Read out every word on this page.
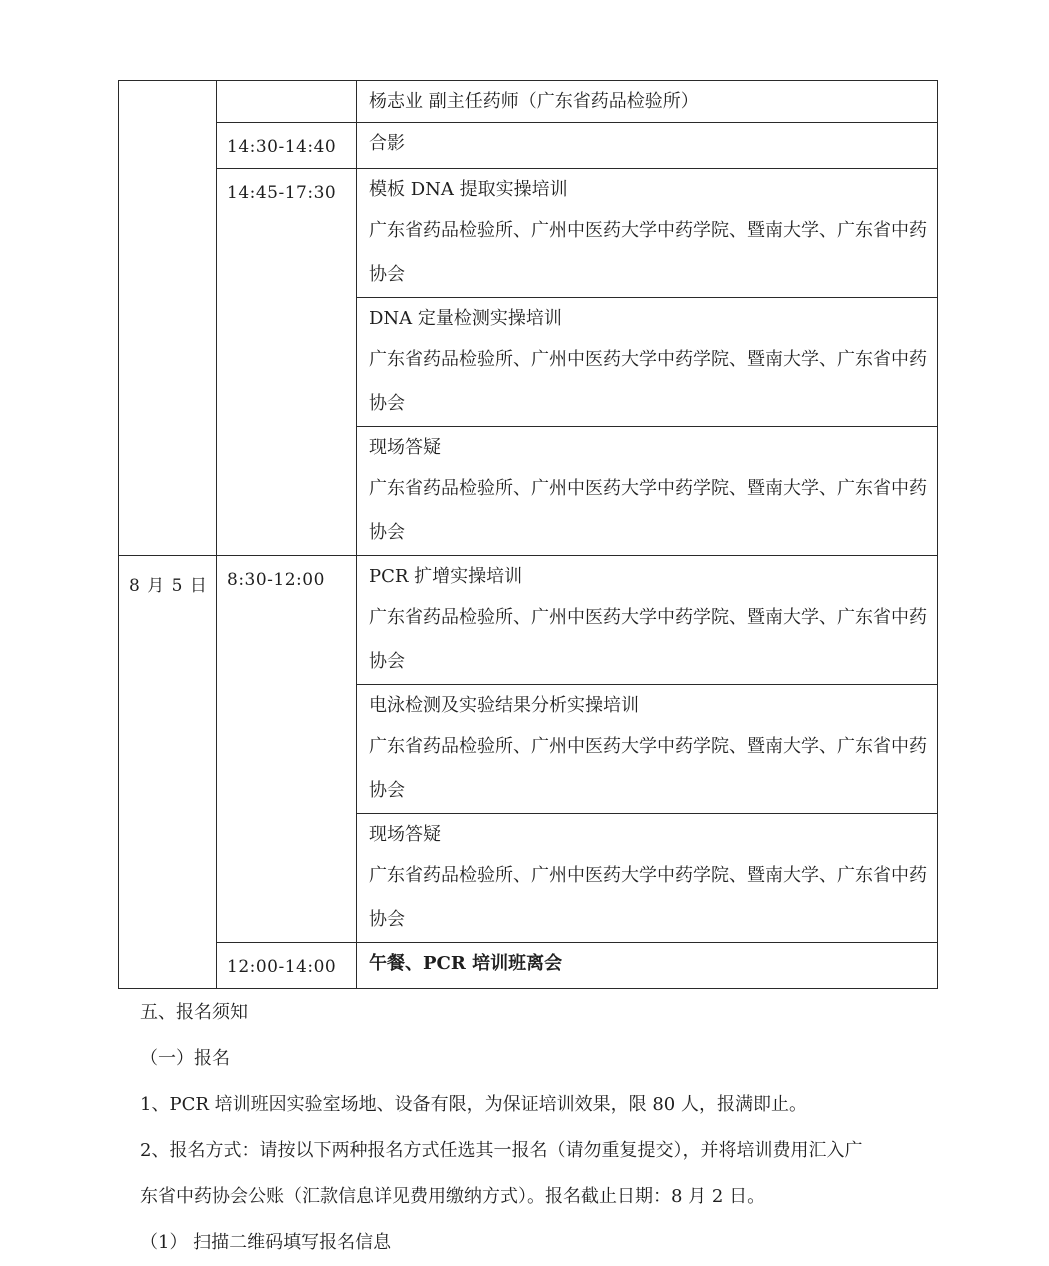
		杨志业 副主任药师（广东省药品检验所）

	14:30-14:40	合影

	14:45-17:30	模板 DNA 提取实操培训
广东省药品检验所、广州中医药大学中药学院、暨南大学、广东省中药协会

		DNA 定量检测实操培训
广东省药品检验所、广州中医药大学中药学院、暨南大学、广东省中药协会

		现场答疑
广东省药品检验所、广州中医药大学中药学院、暨南大学、广东省中药协会

8 月 5 日	8:30-12:00	PCR 扩增实操培训
广东省药品检验所、广州中医药大学中药学院、暨南大学、广东省中药协会

		电泳检测及实验结果分析实操培训
广东省药品检验所、广州中医药大学中药学院、暨南大学、广东省中药协会

		现场答疑
广东省药品检验所、广州中医药大学中药学院、暨南大学、广东省中药协会

	12:00-14:00	午餐、PCR 培训班离会

五、报名须知

（一）报名

1、PCR 培训班因实验室场地、设备有限，为保证培训效果，限 80 人，报满即止。

2、报名方式：请按以下两种报名方式任选其一报名（请勿重复提交），并将培训费用汇入广

东省中药协会公账（汇款信息详见费用缴纳方式）。报名截止日期：8 月 2 日。

（1） 扫描二维码填写报名信息
